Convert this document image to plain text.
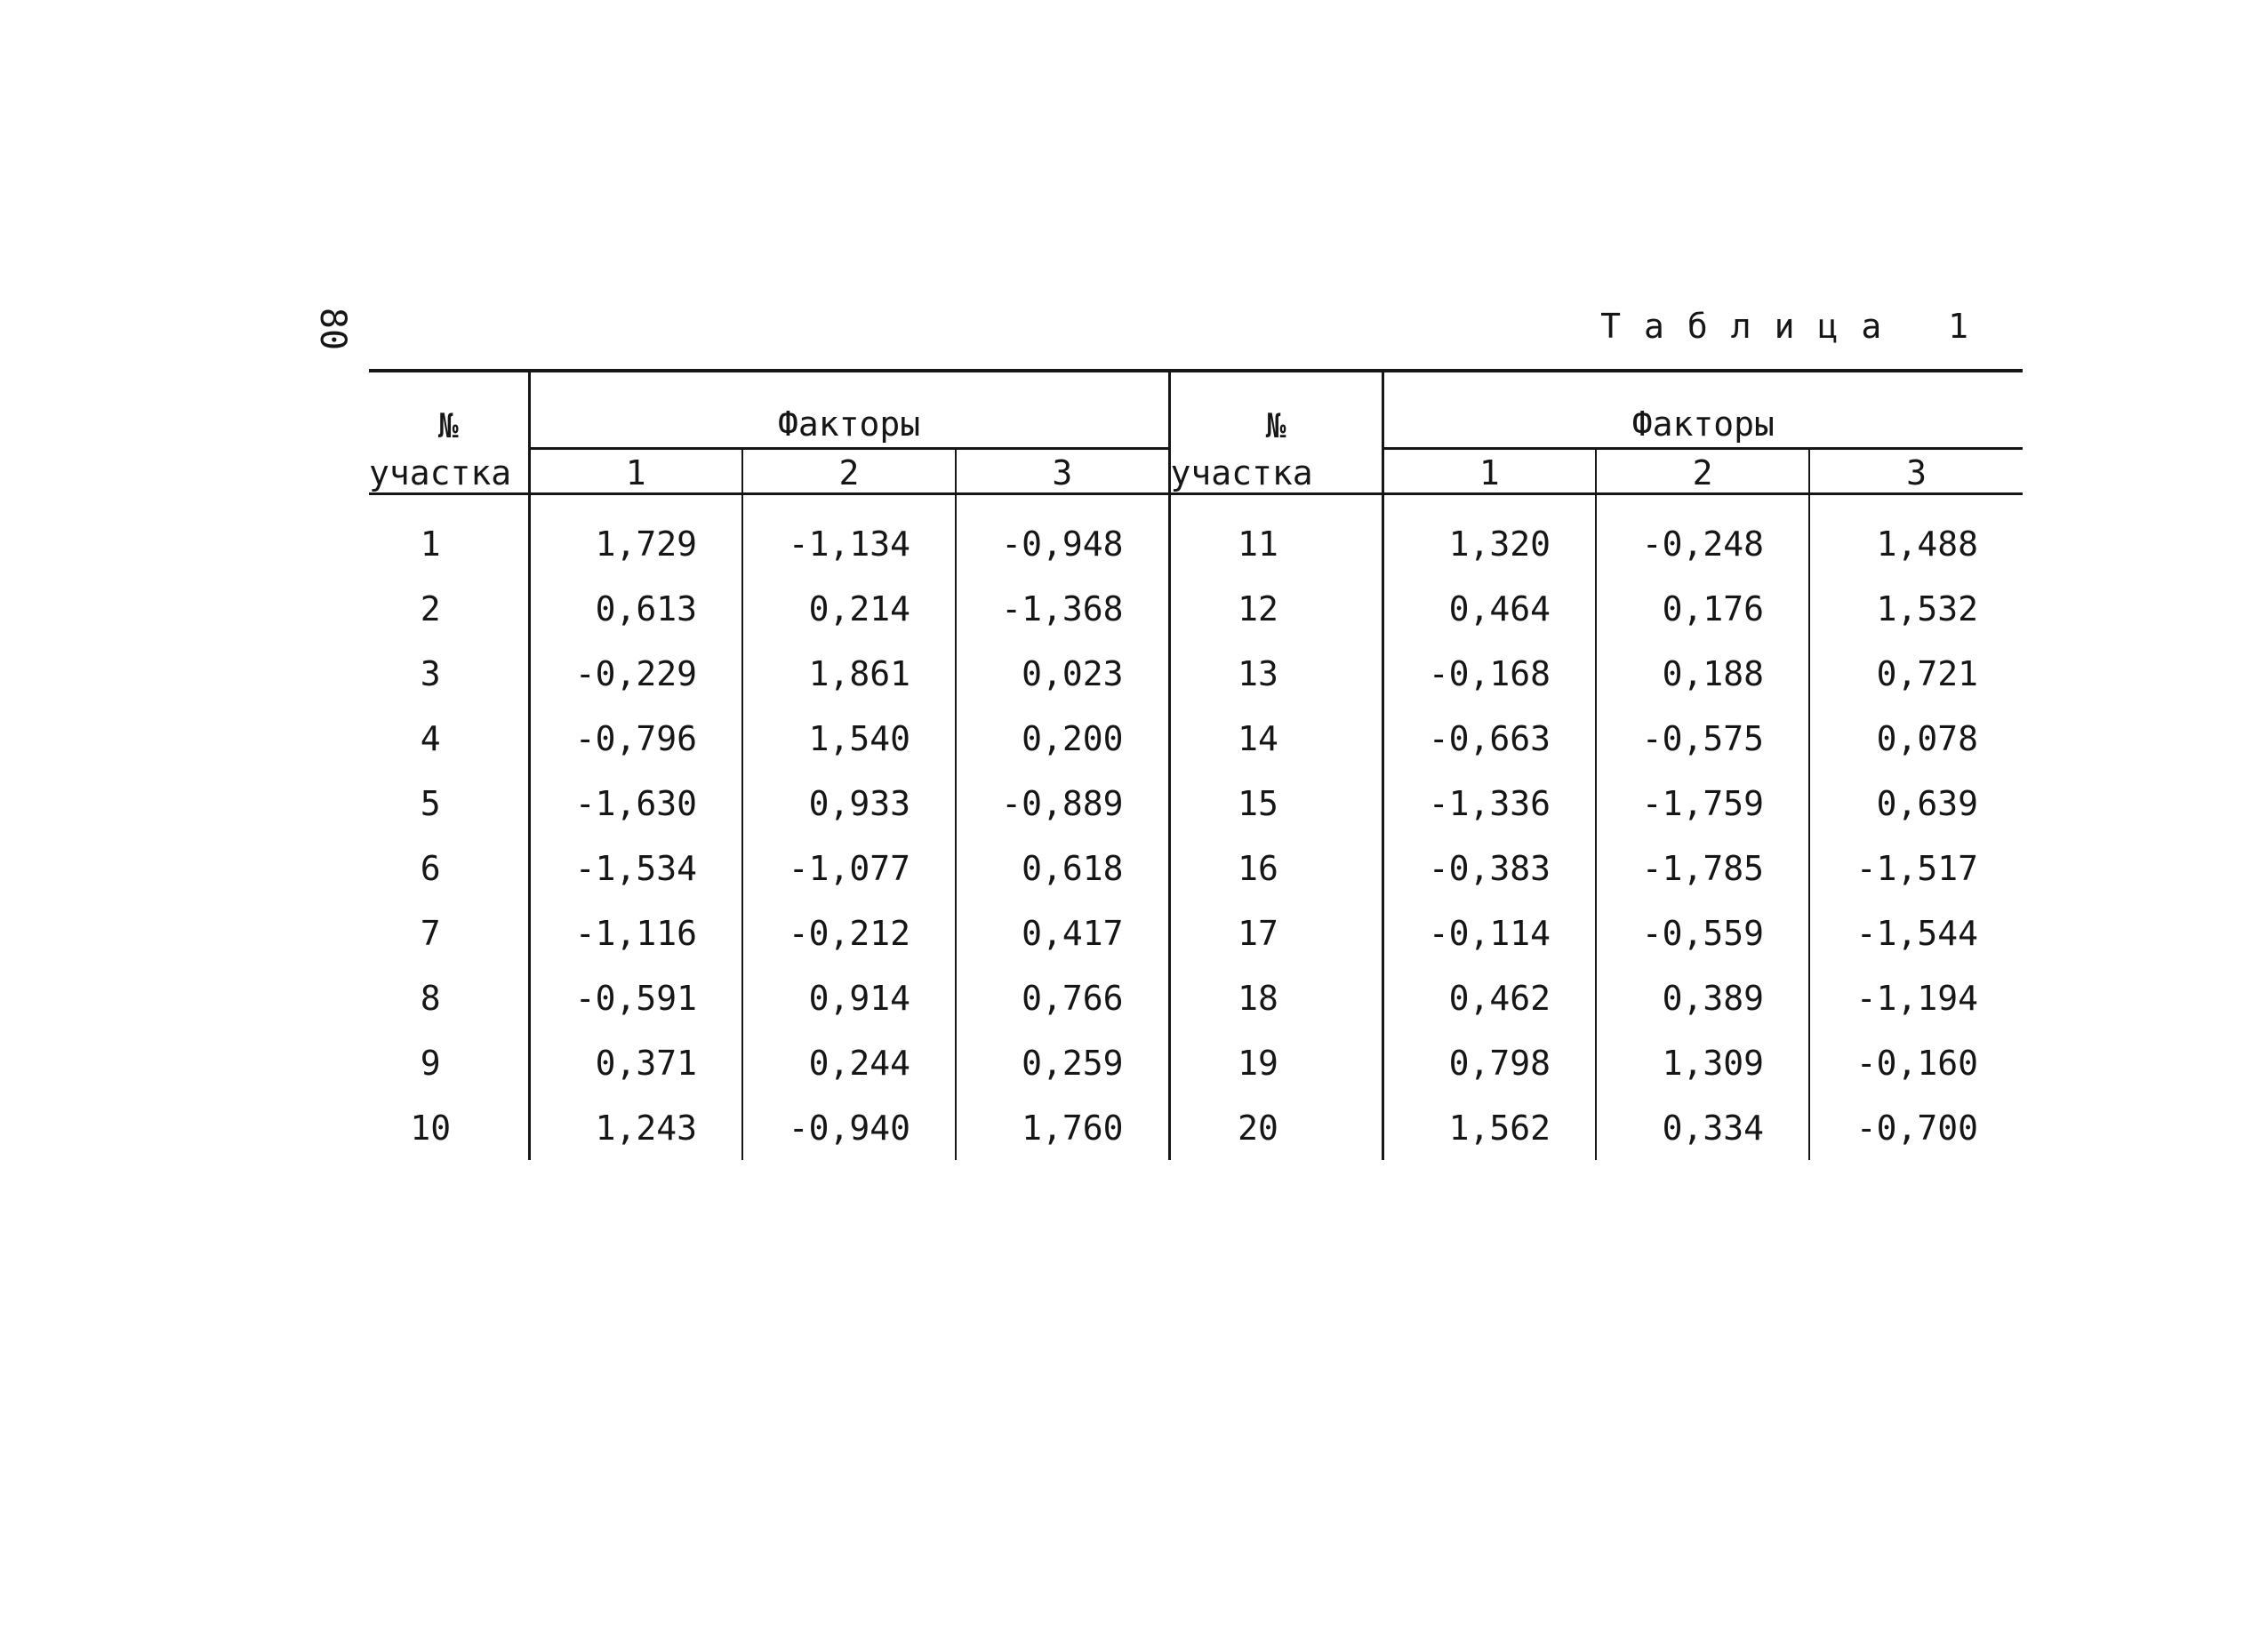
80	Таблица 1
№	Факторы			№	Факторы		
участка	1	2	3	участка	1	2	3
1	1,729	-1,134	-0,948	11	1,320	-0,248	1,488
2	0,613	0,214	-1,368	12	0,464	0,176	1,532
3	-0,229	1,861	0,023	13	-0,168	0,188	0,721
4	-0,796	1,540	0,200	14	-0,663	-0,575	0,078
5	-1,630	0,933	-0,889	15	-1,336	-1,759	0,639
6	-1,534	-1,077	0,618	16	-0,383	-1,785	-1,517
7	-1,116	-0,212	0,417	17	-0,114	-0,559	-1,544
8	-0,591	0,914	0,766	18	0,462	0,389	-1,194
9	0,371	0,244	0,259	19	0,798	1,309	-0,160
10	1,243	-0,940	1,760	20	1,562	0,334	-0,700
